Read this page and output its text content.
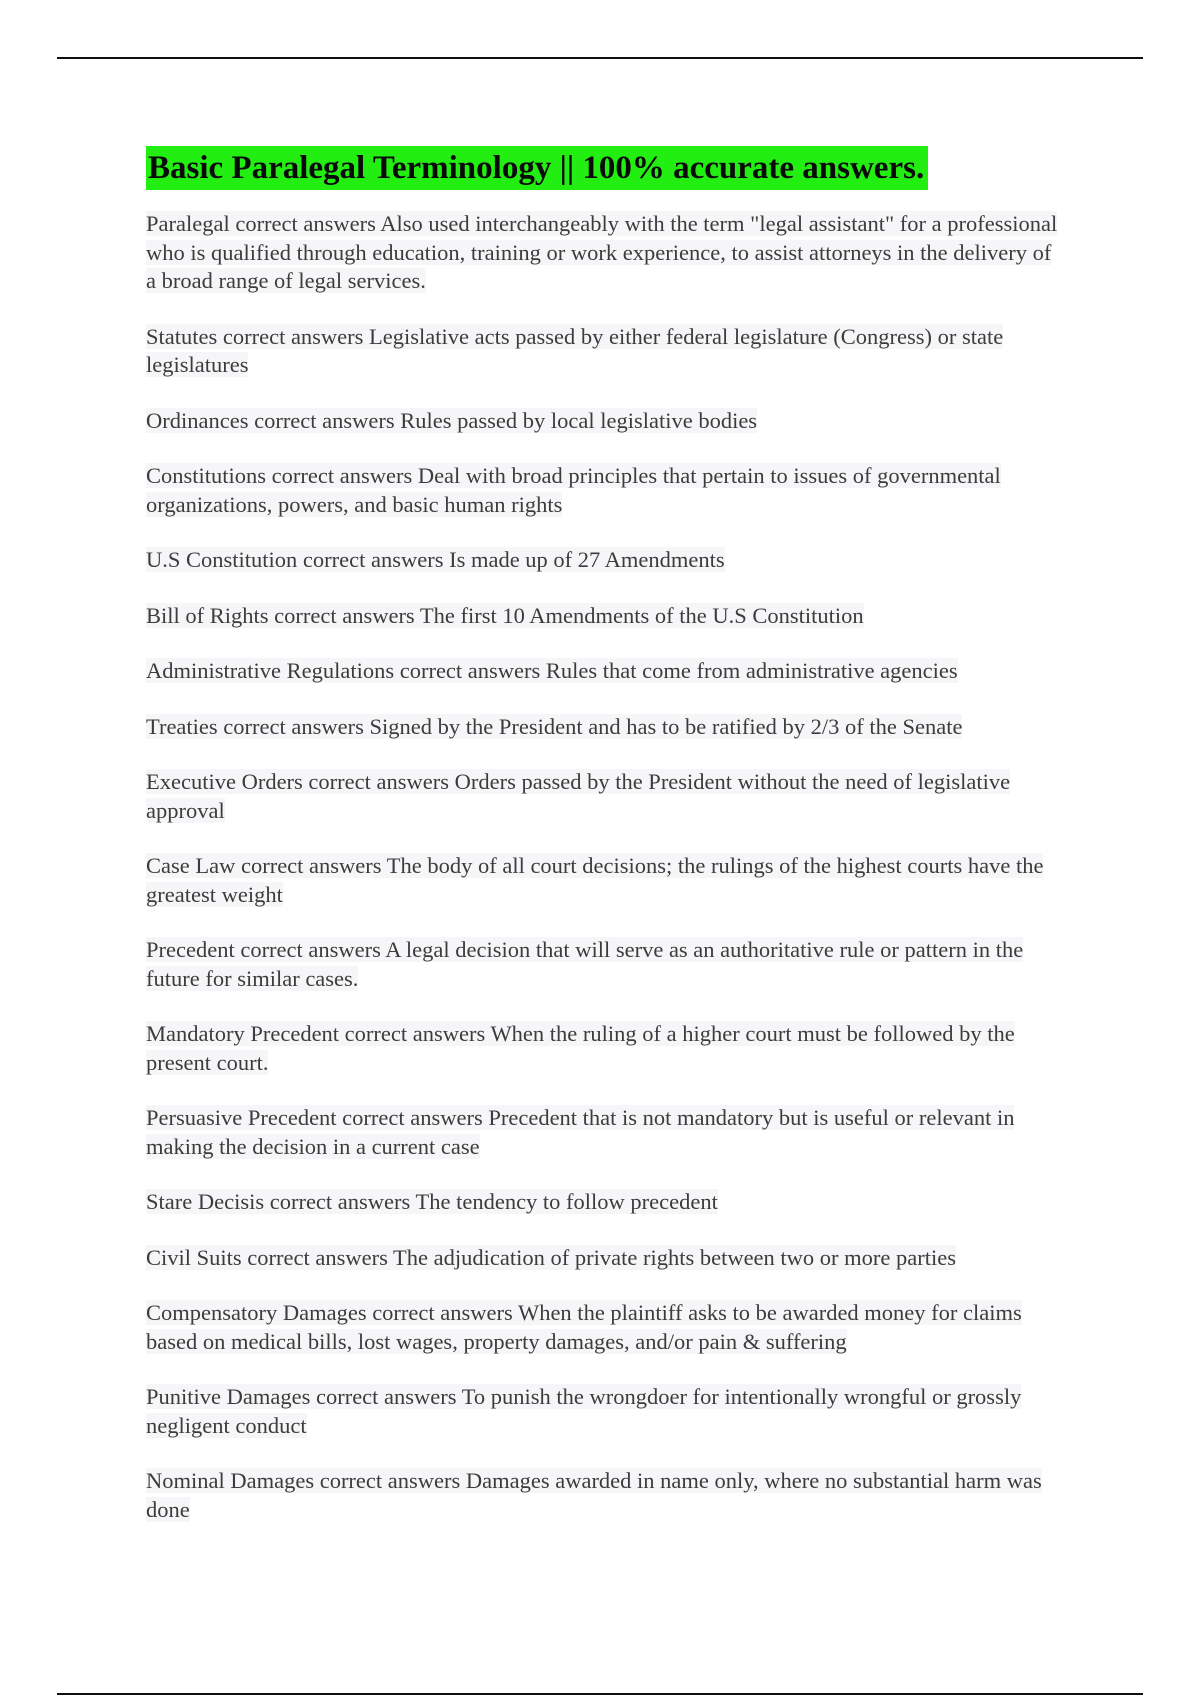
Basic Paralegal Terminology || 100% accurate answers.

Paralegal correct answers Also used interchangeably with the term "legal assistant" for a professional who is qualified through education, training or work experience, to assist attorneys in the delivery of a broad range of legal services.

Statutes correct answers Legislative acts passed by either federal legislature (Congress) or state legislatures

Ordinances correct answers Rules passed by local legislative bodies

Constitutions correct answers Deal with broad principles that pertain to issues of governmental organizations, powers, and basic human rights

U.S Constitution correct answers Is made up of 27 Amendments

Bill of Rights correct answers The first 10 Amendments of the U.S Constitution

Administrative Regulations correct answers Rules that come from administrative agencies

Treaties correct answers Signed by the President and has to be ratified by 2/3 of the Senate

Executive Orders correct answers Orders passed by the President without the need of legislative approval

Case Law correct answers The body of all court decisions; the rulings of the highest courts have the greatest weight

Precedent correct answers A legal decision that will serve as an authoritative rule or pattern in the future for similar cases.

Mandatory Precedent correct answers When the ruling of a higher court must be followed by the present court.

Persuasive Precedent correct answers Precedent that is not mandatory but is useful or relevant in making the decision in a current case

Stare Decisis correct answers The tendency to follow precedent

Civil Suits correct answers The adjudication of private rights between two or more parties

Compensatory Damages correct answers When the plaintiff asks to be awarded money for claims based on medical bills, lost wages, property damages, and/or pain & suffering

Punitive Damages correct answers To punish the wrongdoer for intentionally wrongful or grossly negligent conduct

Nominal Damages correct answers Damages awarded in name only, where no substantial harm was done
